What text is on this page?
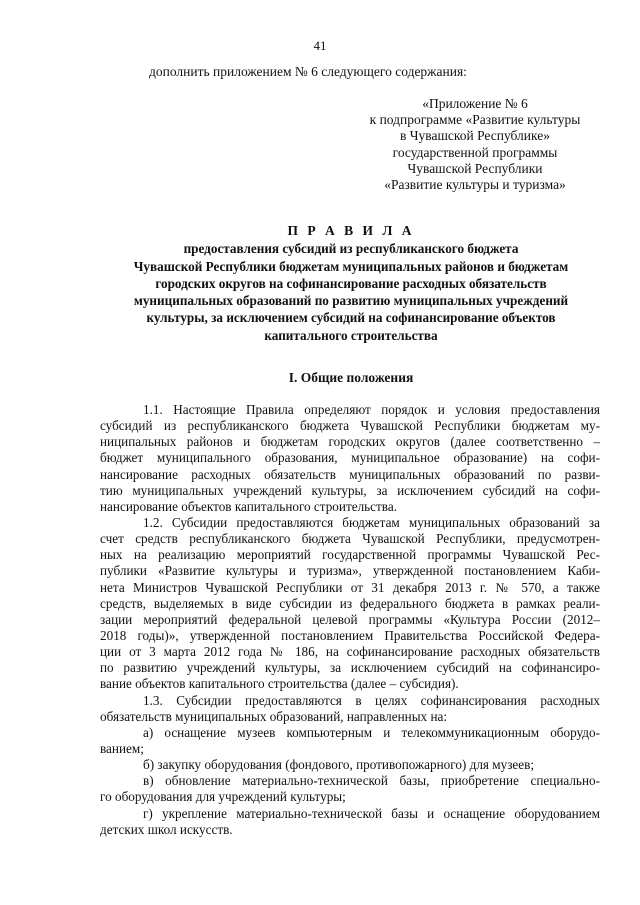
41
дополнить приложением № 6 следующего содержания:
«Приложение № 6
к подпрограмме «Развитие культуры
в Чувашской Республике»
государственной программы
Чувашской Республики
«Развитие культуры и туризма»
П Р А В И Л А
предоставления субсидий из республиканского бюджета
Чувашской Республики бюджетам муниципальных районов и бюджетам
городских округов на софинансирование расходных обязательств
муниципальных образований по развитию муниципальных учреждений
культуры, за исключением субсидий на софинансирование объектов
капитального строительства
I. Общие положения
1.1. Настоящие Правила определяют порядок и условия предоставления
субсидий из республиканского бюджета Чувашской Республики бюджетам му-
ниципальных районов и бюджетам городских округов (далее соответственно –
бюджет муниципального образования, муниципальное образование) на софи-
нансирование расходных обязательств муниципальных образований по разви-
тию муниципальных учреждений культуры, за исключением субсидий на софи-
нансирование объектов капитального строительства.
1.2. Субсидии предоставляются бюджетам муниципальных образований за
счет средств республиканского бюджета Чувашской Республики, предусмотрен-
ных на реализацию мероприятий государственной программы Чувашской Рес-
публики «Развитие культуры и туризма», утвержденной постановлением Каби-
нета Министров Чувашской Республики от 31 декабря 2013 г. № 570, а также
средств, выделяемых в виде субсидии из федерального бюджета в рамках реали-
зации мероприятий федеральной целевой программы «Культура России (2012–
2018 годы)», утвержденной постановлением Правительства Российской Федера-
ции от 3 марта 2012 года № 186, на софинансирование расходных обязательств
по развитию учреждений культуры, за исключением субсидий на софинансиро-
вание объектов капитального строительства (далее – субсидия).
1.3. Субсидии предоставляются в целях софинансирования расходных
обязательств муниципальных образований, направленных на:
а) оснащение музеев компьютерным и телекоммуникационным оборудо-
ванием;
б) закупку оборудования (фондового, противопожарного) для музеев;
в) обновление материально-технической базы, приобретение специально-
го оборудования для учреждений культуры;
г) укрепление материально-технической базы и оснащение оборудованием
детских школ искусств.
